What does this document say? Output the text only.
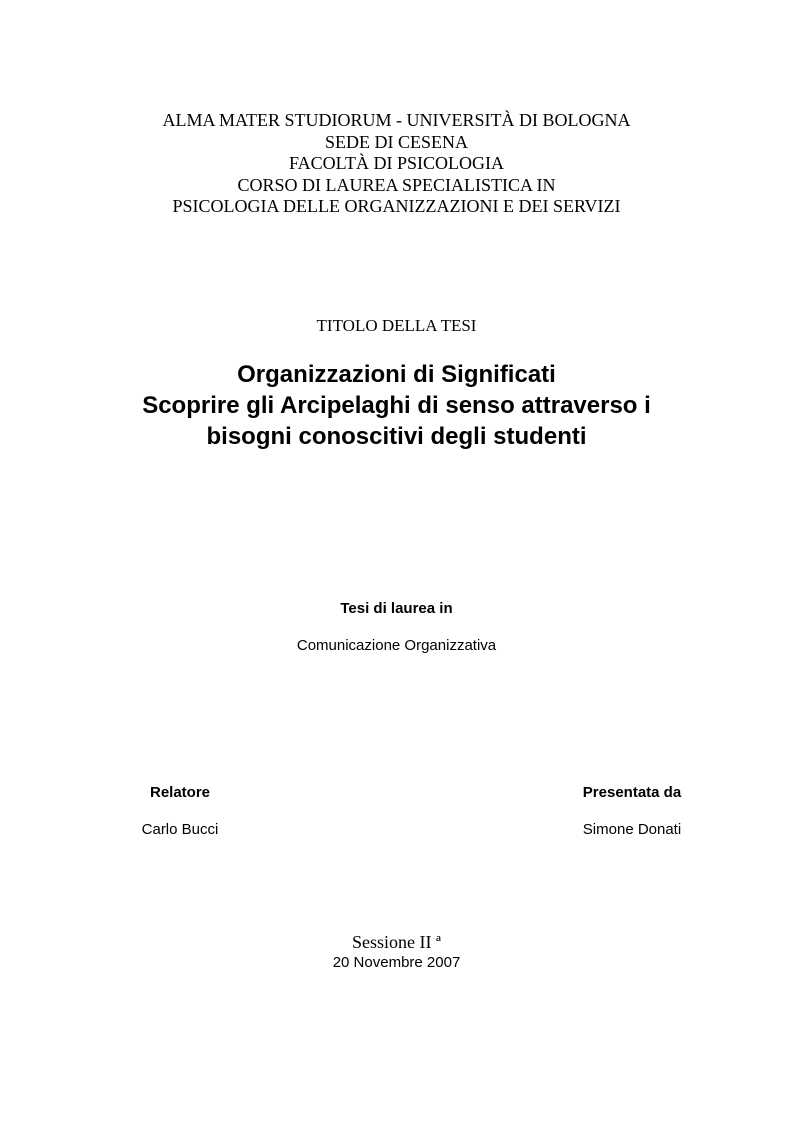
ALMA MATER STUDIORUM - UNIVERSITÀ DI BOLOGNA
SEDE DI CESENA
FACOLTÀ DI PSICOLOGIA
CORSO DI LAUREA SPECIALISTICA IN
PSICOLOGIA DELLE ORGANIZZAZIONI E DEI SERVIZI
TITOLO DELLA TESI
Organizzazioni di Significati
Scoprire gli Arcipelaghi di senso attraverso i
bisogni conoscitivi degli studenti
Tesi di laurea in
Comunicazione Organizzativa
Relatore
Carlo Bucci
Presentata da
Simone Donati
Sessione II ª
20 Novembre 2007
